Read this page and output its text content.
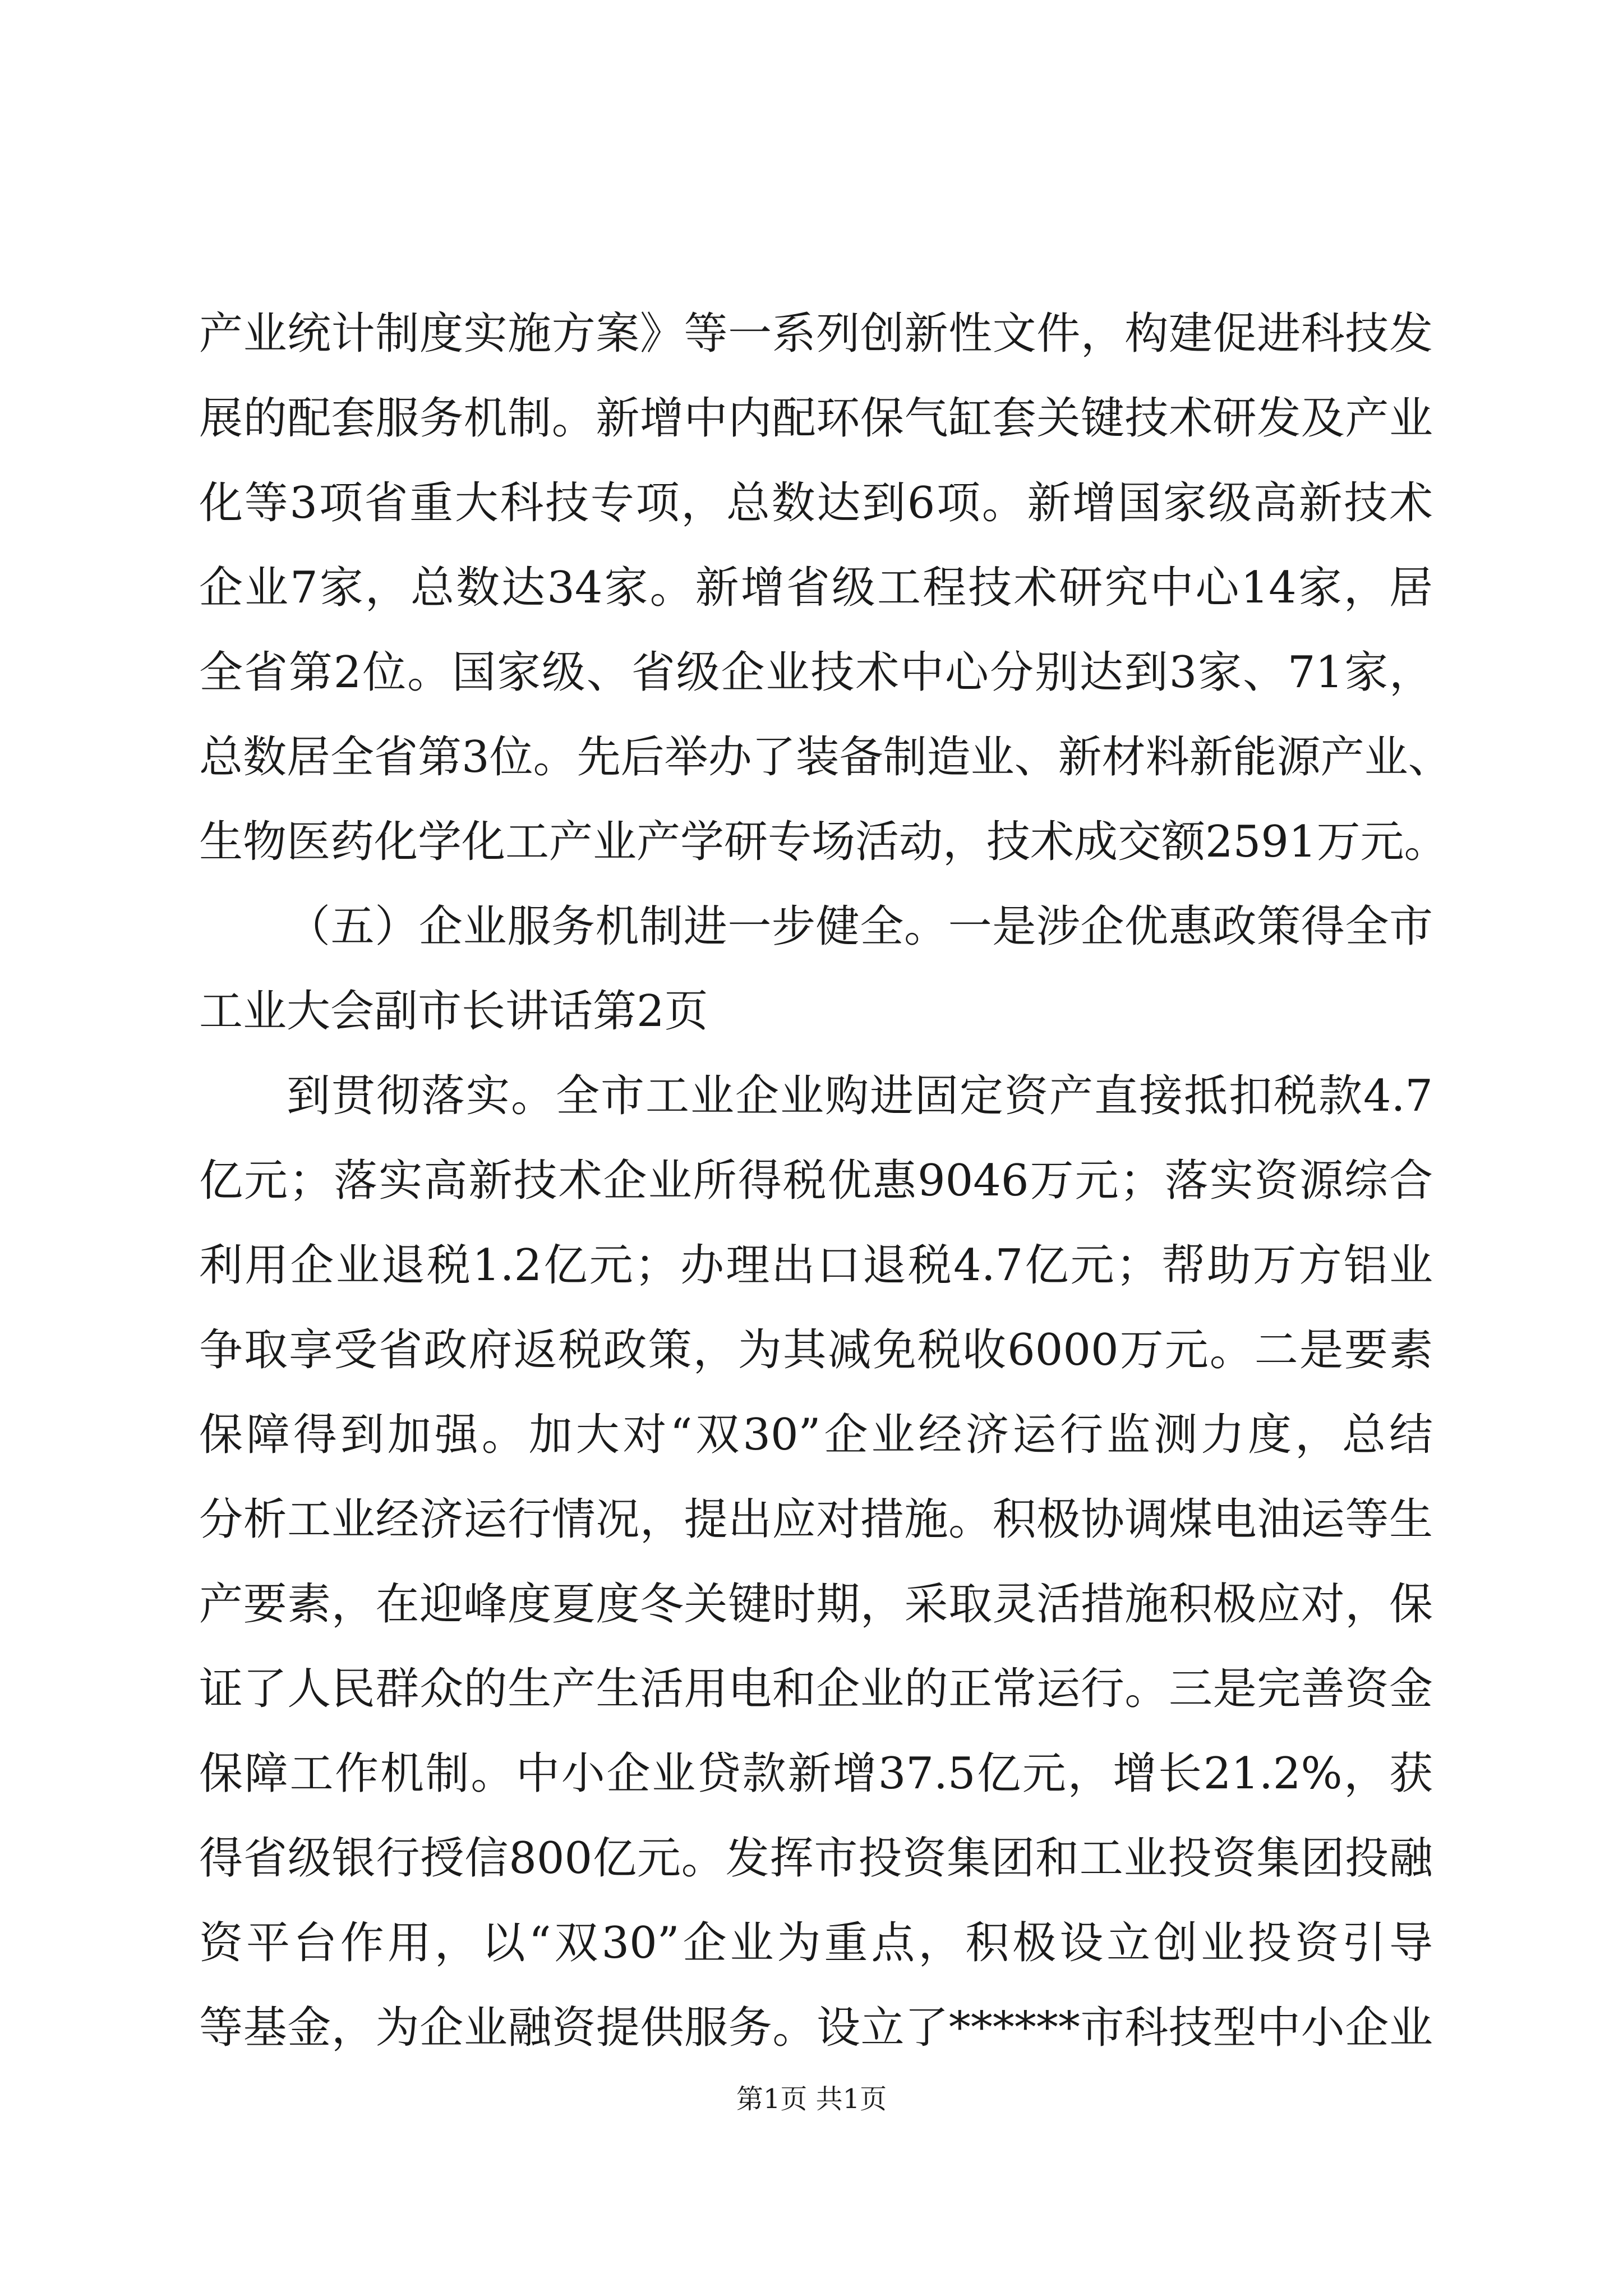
产业统计制度实施方案》等一系列创新性文件，构建促进科技发
展的配套服务机制。新增中内配环保气缸套关键技术研发及产业
化等3项省重大科技专项，总数达到6项。新增国家级高新技术
企业7家，总数达34家。新增省级工程技术研究中心14家，居
全省第2位。国家级、省级企业技术中心分别达到3家、71家，
总数居全省第3位。先后举办了装备制造业、新材料新能源产业、
生物医药化学化工产业产学研专场活动，技术成交额2591万元。
（五）企业服务机制进一步健全。一是涉企优惠政策得全市
工业大会副市长讲话第2页
到贯彻落实。全市工业企业购进固定资产直接抵扣税款4.7
亿元；落实高新技术企业所得税优惠9046万元；落实资源综合
利用企业退税1.2亿元；办理出口退税4.7亿元；帮助万方铝业
争取享受省政府返税政策，为其减免税收6000万元。二是要素
保障得到加强。加大对“双30”企业经济运行监测力度，总结
分析工业经济运行情况，提出应对措施。积极协调煤电油运等生
产要素，在迎峰度夏度冬关键时期，采取灵活措施积极应对，保
证了人民群众的生产生活用电和企业的正常运行。三是完善资金
保障工作机制。中小企业贷款新增37.5亿元，增长21.2%，获
得省级银行授信800亿元。发挥市投资集团和工业投资集团投融
资平台作用，以“双30”企业为重点，积极设立创业投资引导
等基金，为企业融资提供服务。设立了******市科技型中小企业
第1页 共1页
